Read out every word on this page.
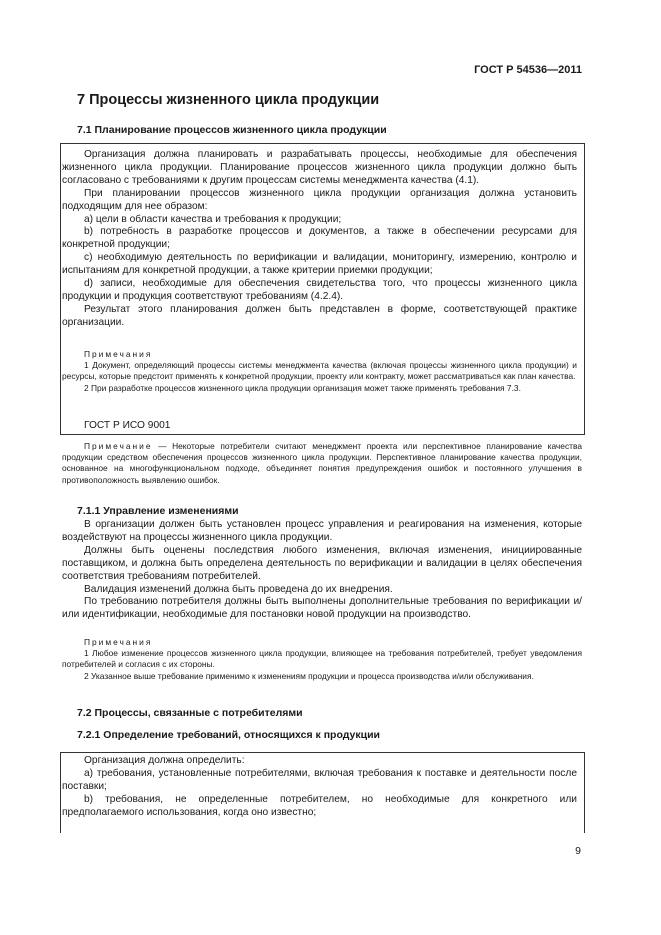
ГОСТ Р 54536—2011
7 Процессы жизненного цикла продукции
7.1 Планирование процессов жизненного цикла продукции

Организация должна планировать и разрабатывать процессы, необходимые для обеспечения жизненного цикла продукции. Планирование процессов жизненного цикла продукции должно быть согласовано с требованиями к другим процессам системы менеджмента качества (4.1).

При планировании процессов жизненного цикла продукции организация должна установить подходящим для нее образом:

a) цели в области качества и требования к продукции;

b) потребность в разработке процессов и документов, а также в обеспечении ресурсами для конкретной продукции;

c) необходимую деятельность по верификации и валидации, мониторингу, измерению, контролю и испытаниям для конкретной продукции, а также критерии приемки продукции;

d) записи, необходимые для обеспечения свидетельства того, что процессы жизненного цикла продукции и продукция соответствуют требованиям (4.2.4).

Результат этого планирования должен быть представлен в форме, соответствующей практике организации.

Примечания

1 Документ, определяющий процессы системы менеджмента качества (включая процессы жизненного цикла продукции) и ресурсы, которые предстоит применять к конкретной продукции, проекту или контракту, может рассматриваться как план качества.

2 При разработке процессов жизненного цикла продукции организация может также применять требования 7.3.

ГОСТ Р ИСО 9001
Примечание — Некоторые потребители считают менеджмент проекта или перспективное планирование качества продукции средством обеспечения процессов жизненного цикла продукции. Перспективное планирование качества продукции, основанное на многофункциональном подходе, объединяет понятия предупреждения ошибок и постоянного улучшения в противоположность выявлению ошибок.
7.1.1 Управление изменениями

В организации должен быть установлен процесс управления и реагирования на изменения, которые воздействуют на процессы жизненного цикла продукции.

Должны быть оценены последствия любого изменения, включая изменения, инициированные поставщиком, и должна быть определена деятельность по верификации и валидации в целях обеспечения соответствия требованиям потребителей.

Валидация изменений должна быть проведена до их внедрения.

По требованию потребителя должны быть выполнены дополнительные требования по верификации и/или идентификации, необходимые для постановки новой продукции на производство.

Примечания

1 Любое изменение процессов жизненного цикла продукции, влияющее на требования потребителей, требует уведомления потребителей и согласия с их стороны.

2 Указанное выше требование применимо к изменениям продукции и процесса производства и/или обслуживания.

7.2 Процессы, связанные с потребителями
7.2.1 Определение требований, относящихся к продукции

Организация должна определить:

a) требования, установленные потребителями, включая требования к поставке и деятельности после поставки;

b) требования, не определенные потребителем, но необходимые для конкретного или предполагаемого использования, когда оно известно;

9
